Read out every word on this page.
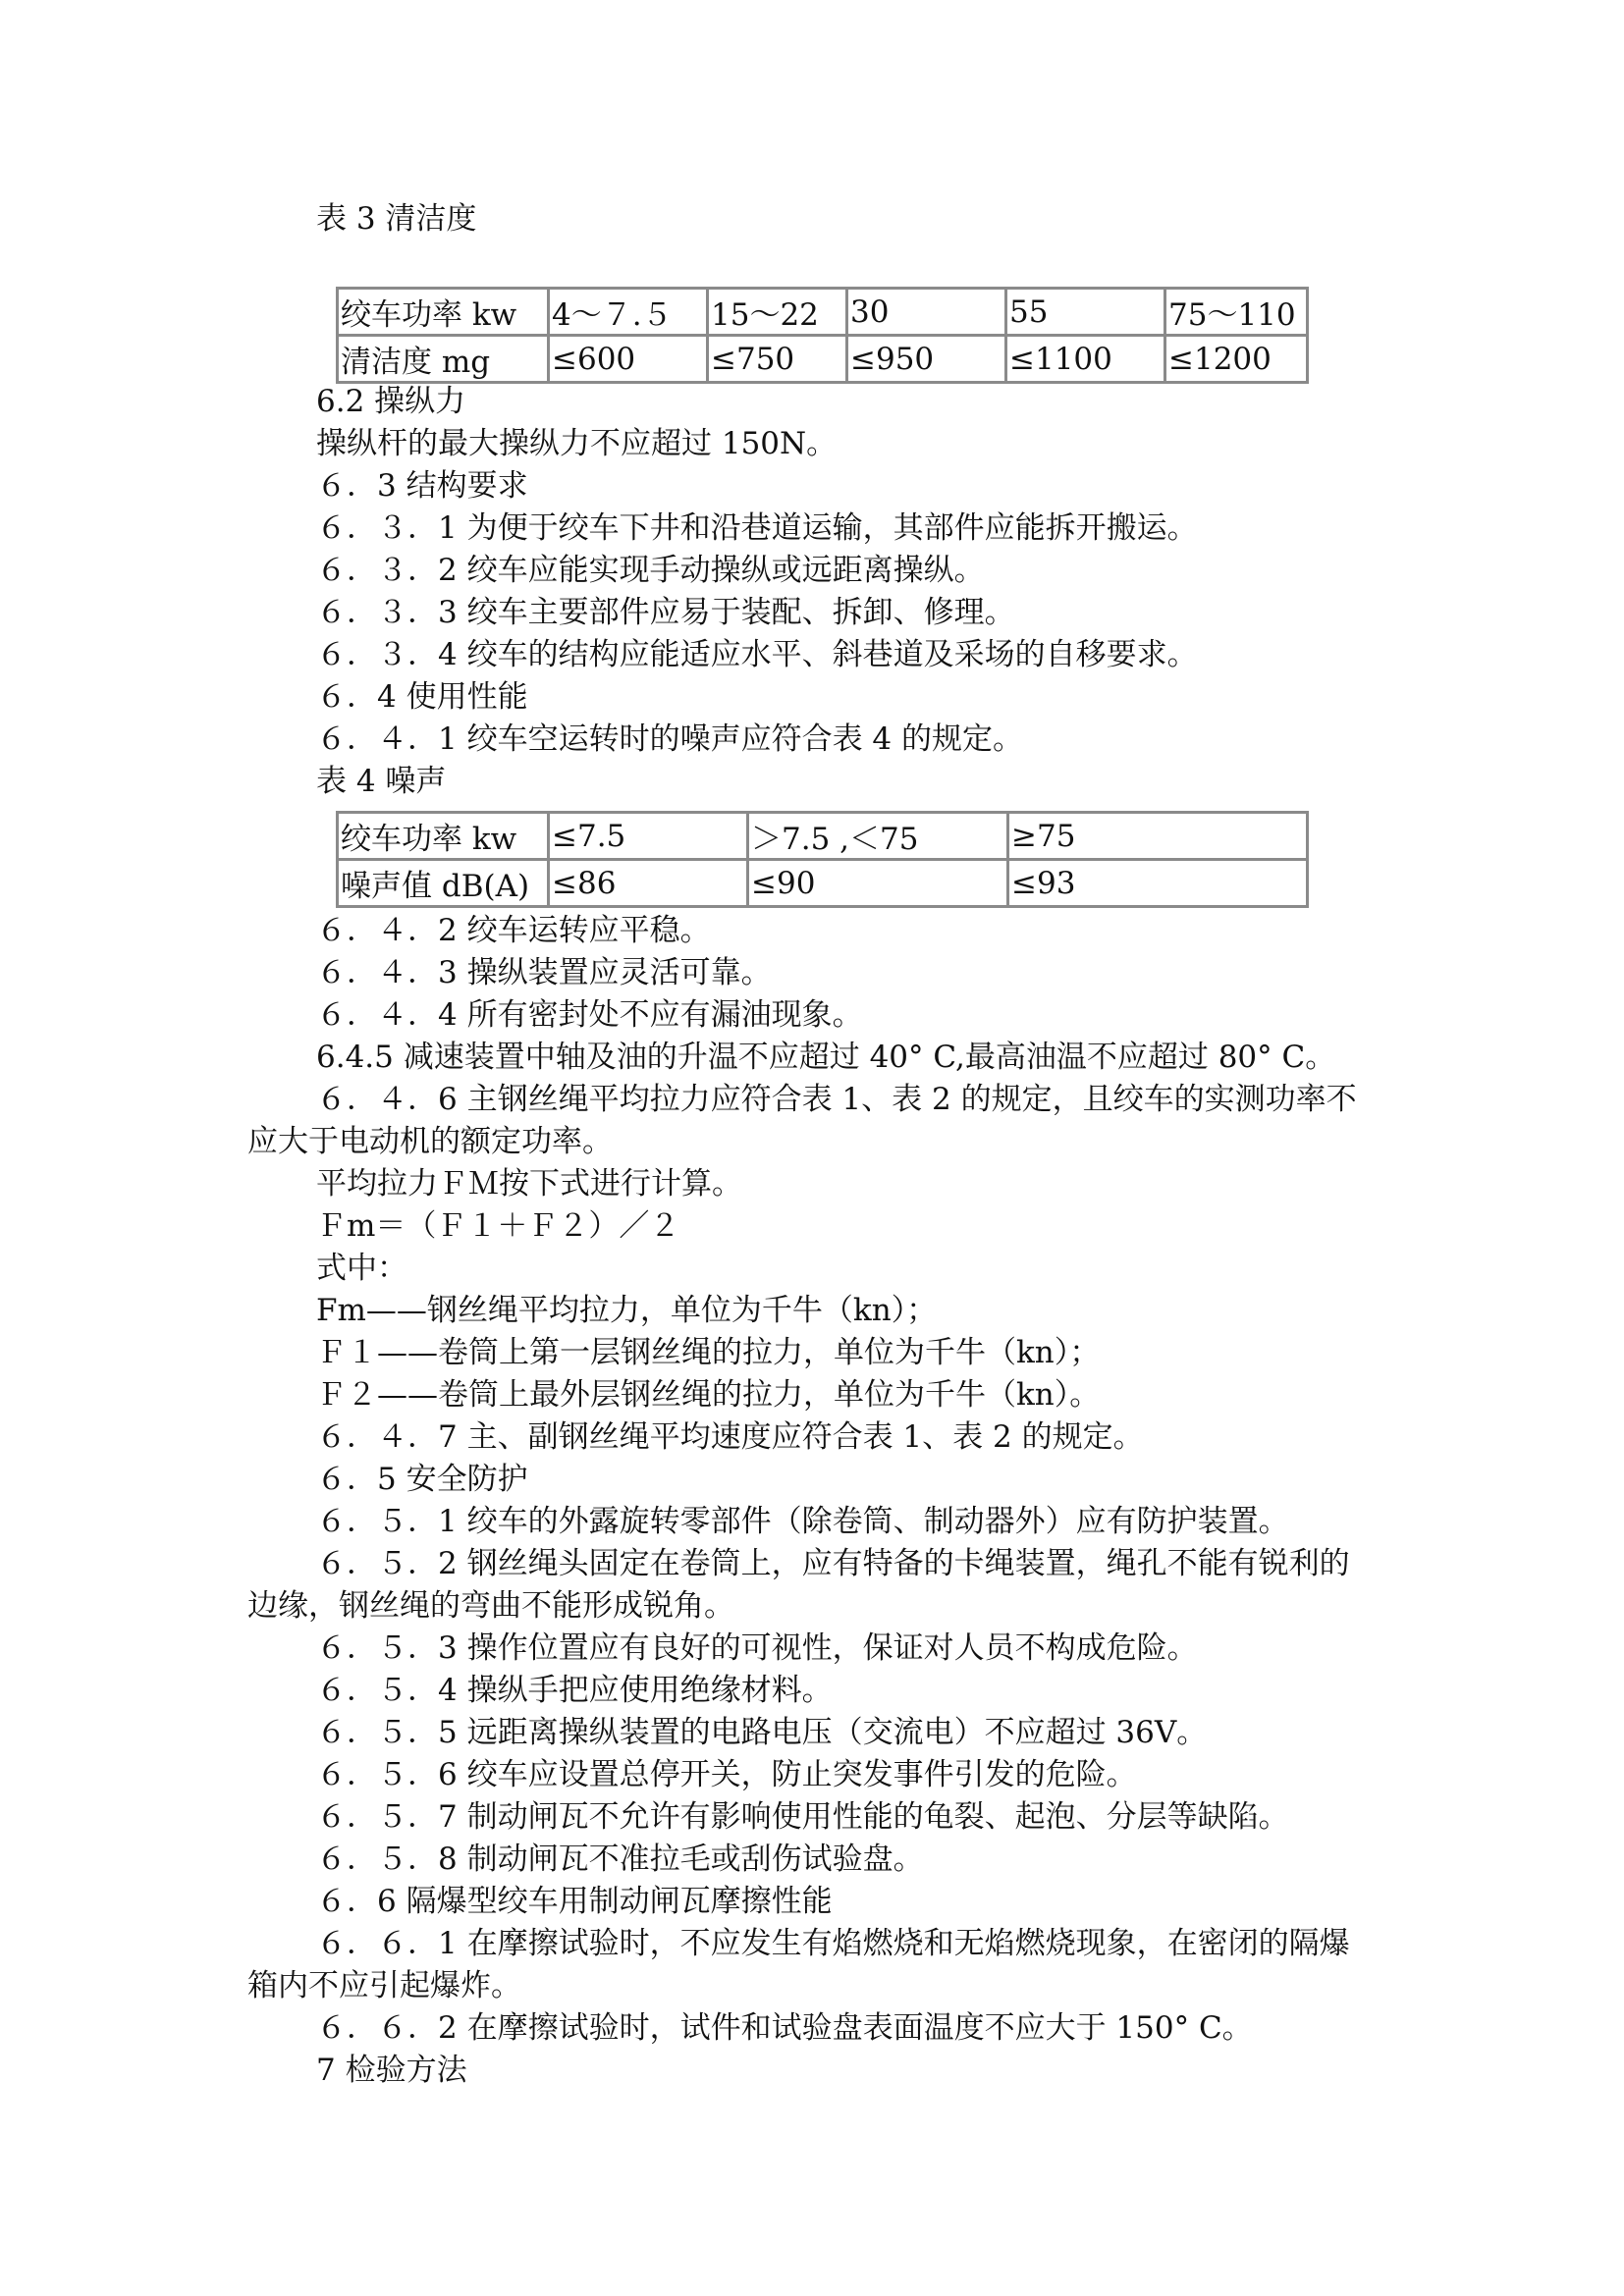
表 3 清洁度

绞车功率 kw	4～７.５	15～22	30	55	75～110
清洁度 mg	≤600	≤750	≤950	≤1100	≤1200

6.2 操纵力

操纵杆的最大操纵力不应超过 150N。

６．3 结构要求

６．３．1 为便于绞车下井和沿巷道运输，其部件应能拆开搬运。

６．３．2 绞车应能实现手动操纵或远距离操纵。

６．３．3 绞车主要部件应易于装配、拆卸、修理。

６．３．4 绞车的结构应能适应水平、斜巷道及采场的自移要求。

６．4 使用性能

６．４．1 绞车空运转时的噪声应符合表 4 的规定。

表 4 噪声

绞车功率 kw	≤7.5	＞7.5 ,＜75	≥75
噪声值 dB(A)	≤86	≤90	≤93

６．４．2 绞车运转应平稳。

６．４．3 操纵装置应灵活可靠。

６．４．4 所有密封处不应有漏油现象。

6.4.5 减速装置中轴及油的升温不应超过 40° C,最高油温不应超过 80° C。

６．４．6 主钢丝绳平均拉力应符合表 1、表 2 的规定，且绞车的实测功率不

应大于电动机的额定功率。

平均拉力ＦＭ按下式进行计算。

Ｆm＝（Ｆ１＋Ｆ２）／２

式中：

Fm——钢丝绳平均拉力，单位为千牛（kn）；

Ｆ１——卷筒上第一层钢丝绳的拉力，单位为千牛（kn）；

Ｆ２——卷筒上最外层钢丝绳的拉力，单位为千牛（kn）。

６．４．7 主、副钢丝绳平均速度应符合表 1、表 2 的规定。

６．5 安全防护

６．５．1 绞车的外露旋转零部件（除卷筒、制动器外）应有防护装置。

６．５．2 钢丝绳头固定在卷筒上，应有特备的卡绳装置，绳孔不能有锐利的

边缘，钢丝绳的弯曲不能形成锐角。

６．５．3 操作位置应有良好的可视性，保证对人员不构成危险。

６．５．4 操纵手把应使用绝缘材料。

６．５．5 远距离操纵装置的电路电压（交流电）不应超过 36V。

６．５．6 绞车应设置总停开关，防止突发事件引发的危险。

６．５．7 制动闸瓦不允许有影响使用性能的龟裂、起泡、分层等缺陷。

６．５．8 制动闸瓦不准拉毛或刮伤试验盘。

６．6 隔爆型绞车用制动闸瓦摩擦性能

６．６．1 在摩擦试验时，不应发生有焰燃烧和无焰燃烧现象，在密闭的隔爆

箱内不应引起爆炸。

６．６．2 在摩擦试验时，试件和试验盘表面温度不应大于 150° C。

7 检验方法
